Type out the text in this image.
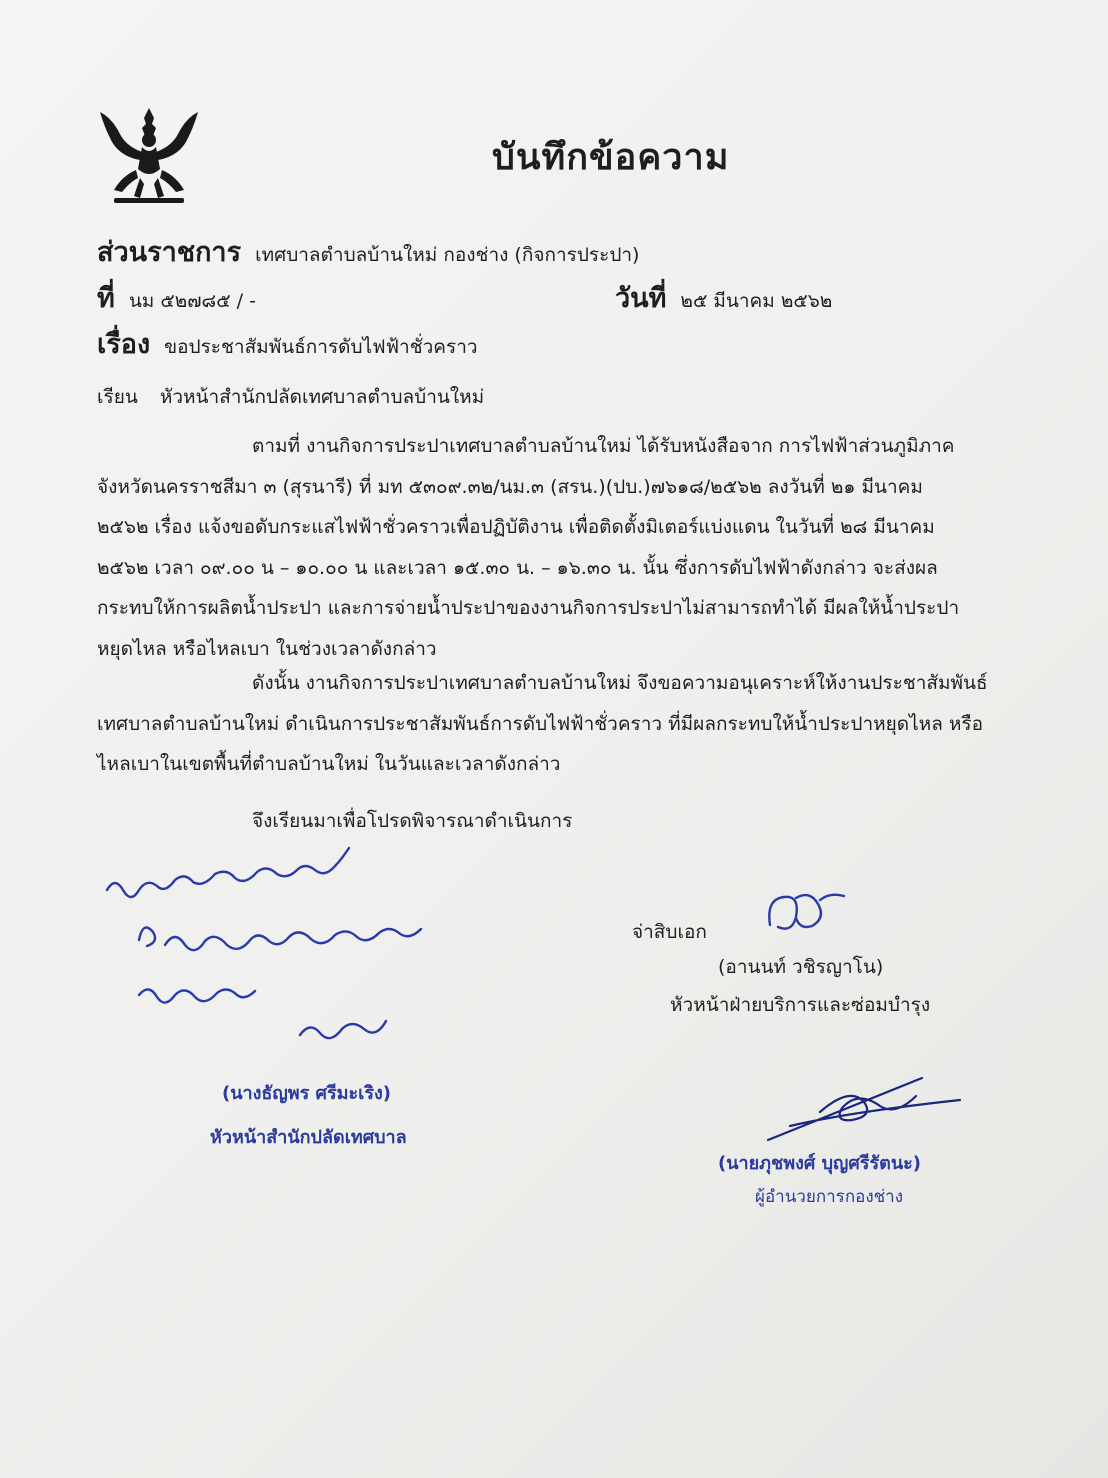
บันทึกข้อความ
ส่วนราชการ เทศบาลตำบลบ้านใหม่ กองช่าง (กิจการประปา)
ที่ นม ๕๒๗๘๕ / -	วันที่ ๒๕ มีนาคม ๒๕๖๒
เรื่อง ขอประชาสัมพันธ์การดับไฟฟ้าชั่วคราว
เรียน หัวหน้าสำนักปลัดเทศบาลตำบลบ้านใหม่
ตามที่ งานกิจการประปาเทศบาลตำบลบ้านใหม่ ได้รับหนังสือจาก การไฟฟ้าส่วนภูมิภาค
จังหวัดนครราชสีมา ๓ (สุรนารี) ที่ มท ๕๓๐๙.๓๒/นม.๓ (สรน.)(ปบ.)๗๖๑๘/๒๕๖๒ ลงวันที่ ๒๑ มีนาคม
๒๕๖๒ เรื่อง แจ้งขอดับกระแสไฟฟ้าชั่วคราวเพื่อปฏิบัติงาน เพื่อติดตั้งมิเตอร์แบ่งแดน ในวันที่ ๒๘ มีนาคม
๒๕๖๒ เวลา ๐๙.๐๐ น – ๑๐.๐๐ น และเวลา ๑๕.๓๐ น. – ๑๖.๓๐ น. นั้น ซึ่งการดับไฟฟ้าดังกล่าว จะส่งผล
กระทบให้การผลิตน้ำประปา และการจ่ายน้ำประปาของงานกิจการประปาไม่สามารถทำได้ มีผลให้น้ำประปา
หยุดไหล หรือไหลเบา ในช่วงเวลาดังกล่าว
ดังนั้น งานกิจการประปาเทศบาลตำบลบ้านใหม่ จึงขอความอนุเคราะห์ให้งานประชาสัมพันธ์
เทศบาลตำบลบ้านใหม่ ดำเนินการประชาสัมพันธ์การดับไฟฟ้าชั่วคราว ที่มีผลกระทบให้น้ำประปาหยุดไหล หรือ
ไหลเบาในเขตพื้นที่ตำบลบ้านใหม่ ในวันและเวลาดังกล่าว
จึงเรียนมาเพื่อโปรดพิจารณาดำเนินการ
จ่าสิบเอก
(อานนท์ วชิรญาโน)
หัวหน้าฝ่ายบริการและซ่อมบำรุง
(นางธัญพร ศรีมะเริง)
หัวหน้าสำนักปลัดเทศบาล
(นายภุชพงศ์ บุญศรีรัตนะ)
ผู้อำนวยการกองช่าง
